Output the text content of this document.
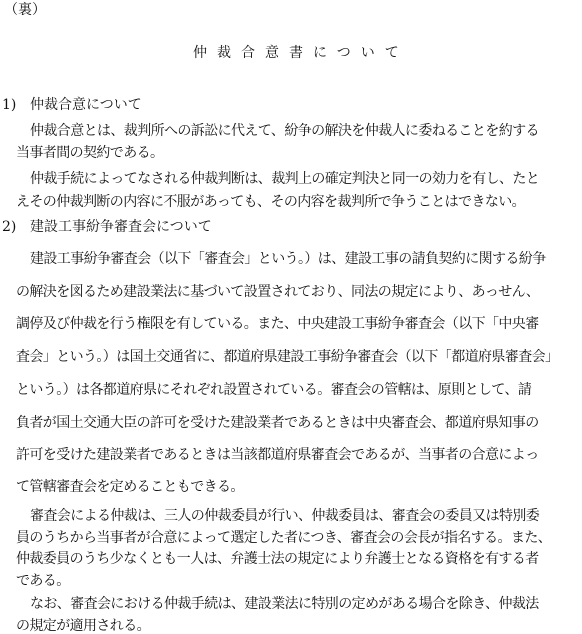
（裏）
仲裁合意書について
1) 仲裁合意について
仲裁合意とは、裁判所への訴訟に代えて、紛争の解決を仲裁人に委ねることを約する
当事者間の契約である。
仲裁手続によってなされる仲裁判断は、裁判上の確定判決と同一の効力を有し、たと
えその仲裁判断の内容に不服があっても、その内容を裁判所で争うことはできない。
2) 建設工事紛争審査会について
建設工事紛争審査会（以下「審査会」という。）は、建設工事の請負契約に関する紛争
の解決を図るため建設業法に基づいて設置されており、同法の規定により、あっせん、
調停及び仲裁を行う権限を有している。また、中央建設工事紛争審査会（以下「中央審
査会」という。）は国土交通省に、都道府県建設工事紛争審査会（以下「都道府県審査会」
という。）は各都道府県にそれぞれ設置されている。審査会の管轄は、原則として、請
負者が国土交通大臣の許可を受けた建設業者であるときは中央審査会、都道府県知事の
許可を受けた建設業者であるときは当該都道府県審査会であるが、当事者の合意によっ
て管轄審査会を定めることもできる。
審査会による仲裁は、三人の仲裁委員が行い、仲裁委員は、審査会の委員又は特別委
員のうちから当事者が合意によって選定した者につき、審査会の会長が指名する。また、
仲裁委員のうち少なくとも一人は、弁護士法の規定により弁護士となる資格を有する者
である。
なお、審査会における仲裁手続は、建設業法に特別の定めがある場合を除き、仲裁法
の規定が適用される。
